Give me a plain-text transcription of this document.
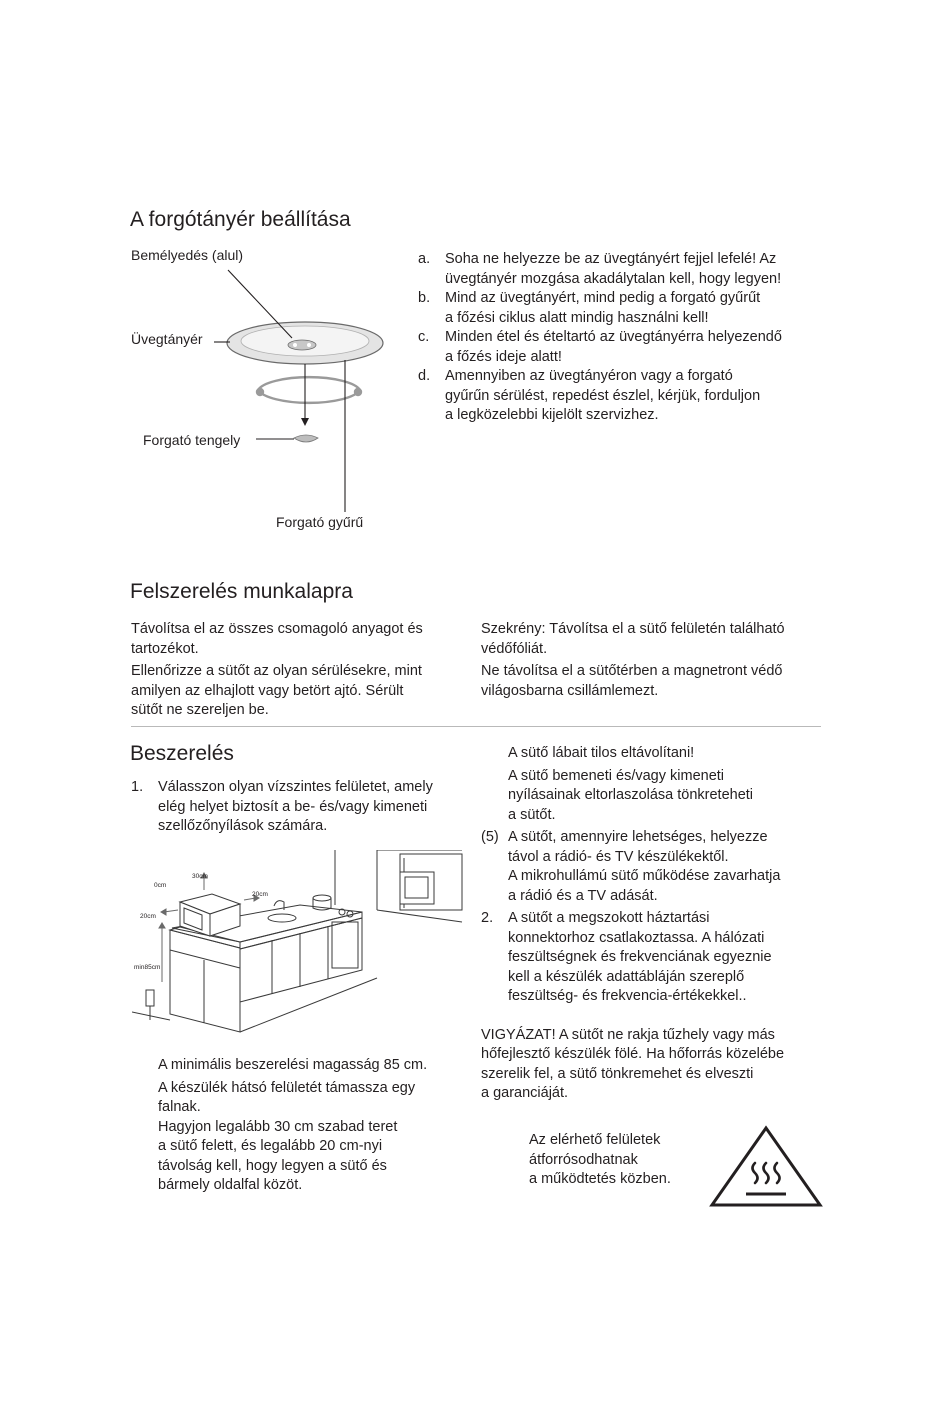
A forgótányér beállítása
Bemélyedés (alul)
Üvegtányér
Forgató tengely
Forgató gyűrű
a. Soha ne helyezze be az üvegtányért fejjel lefelé! Az
üvegtányér mozgása akadálytalan kell, hogy legyen!
b. Mind az üvegtányért, mind pedig a forgató gyűrűt
a főzési ciklus alatt mindig használni kell!
c. Minden étel és ételtartó az üvegtányérra helyezendő
a főzés ideje alatt!
d. Amennyiben az üvegtányéron vagy a forgató
gyűrűn sérülést, repedést észlel, kérjük, forduljon
a legközelebbi kijelölt szervizhez.
Felszerelés munkalapra

Távolítsa el az összes csomagoló anyagot és
tartozékot.

Ellenőrizze a sütőt az olyan sérülésekre, mint
amilyen az elhajlott vagy betört ajtó. Sérült
sütőt ne szereljen be.

Szekrény: Távolítsa el a sütő felületén található
védőfóliát.

Ne távolítsa el a sütőtérben a magnetront védő
világosbarna csillámlemezt.

Beszerelés
1. Válasszon olyan vízszintes felületet, amely
elég helyet biztosít a be- és/vagy kimeneti
szellőzőnyílások számára.
30cm
0cm
20cm
20cm
min85cm

A minimális beszerelési magasság 85 cm.

A készülék hátsó felületét támassza egy
falnak.
Hagyjon legalább 30 cm szabad teret
a sütő felett, és legalább 20 cm-nyi
távolság kell, hogy legyen a sütő és
bármely oldalfal közöt.

A sütő lábait tilos eltávolítani!

A sütő bemeneti és/vagy kimeneti
nyílásainak eltorlaszolása tönkreteheti
a sütőt.

(5) A sütőt, amennyire lehetséges, helyezze
távol a rádió- és TV készülékektől.
A mikrohullámú sütő működése zavarhatja
a rádió és a TV adását.
2. A sütőt a megszokott háztartási
konnektorhoz csatlakoztassa. A hálózati
feszültségnek és frekvenciának egyeznie
kell a készülék adattábláján szereplő
feszültség- és frekvencia-értékekkel..

VIGYÁZAT! A sütőt ne rakja tűzhely vagy más
hőfejlesztő készülék fölé. Ha hőforrás közelébe
szerelik fel, a sütő tönkremehet és elveszti
a garanciáját.

Az elérhető felületek
átforrósodhatnak
a működtetés közben.
